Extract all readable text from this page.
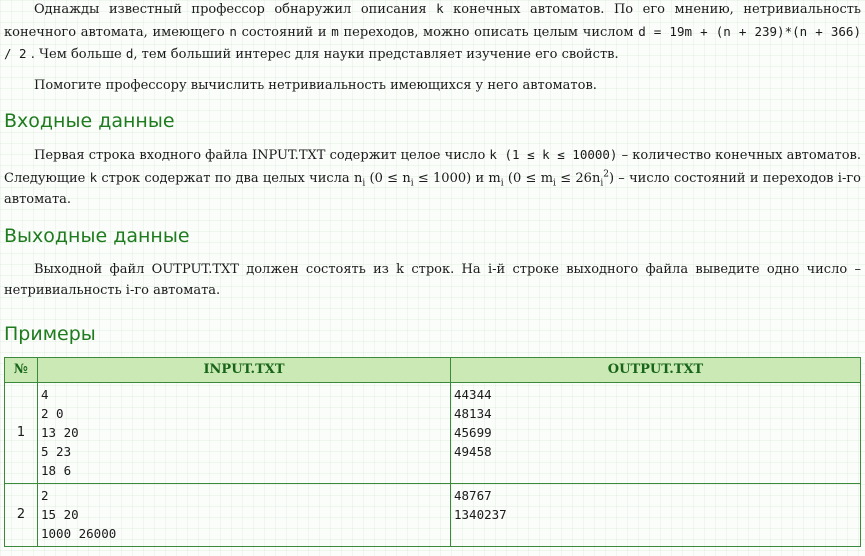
Однажды известный профессор обнаружил описания k конечных автоматов. По его мнению, нетривиальность конечного автомата, имеющего n состояний и m переходов, можно описать целым числом d = 19m + (n + 239)*(n + 366) / 2 . Чем больше d, тем больший интерес для науки представляет изучение его свойств.

Помогите профессору вычислить нетривиальность имеющихся у него автоматов.

Входные данные

Первая строка входного файла INPUT.TXT содержит целое число k (1 ≤ k ≤ 10000) – количество конечных автоматов. Следующие k строк содержат по два целых числа $n_i$ $(0 \le n_i \le 1000)$ и $m_i$ $(0 \le m_i \le 26n_i^2)$ – число состояний и переходов i-го автомата.

Выходные данные

Выходной файл OUTPUT.TXT должен состоять из k строк. На i-й строке выходного файла выведите одно число – нетривиальность i-го автомата.

Примеры
№	INPUT.TXT	OUTPUT.TXT
1	4
2 0
13 20
5 23
18 6	44344
48134
45699
49458

2	2
15 20
1000 26000	48767
1340237
